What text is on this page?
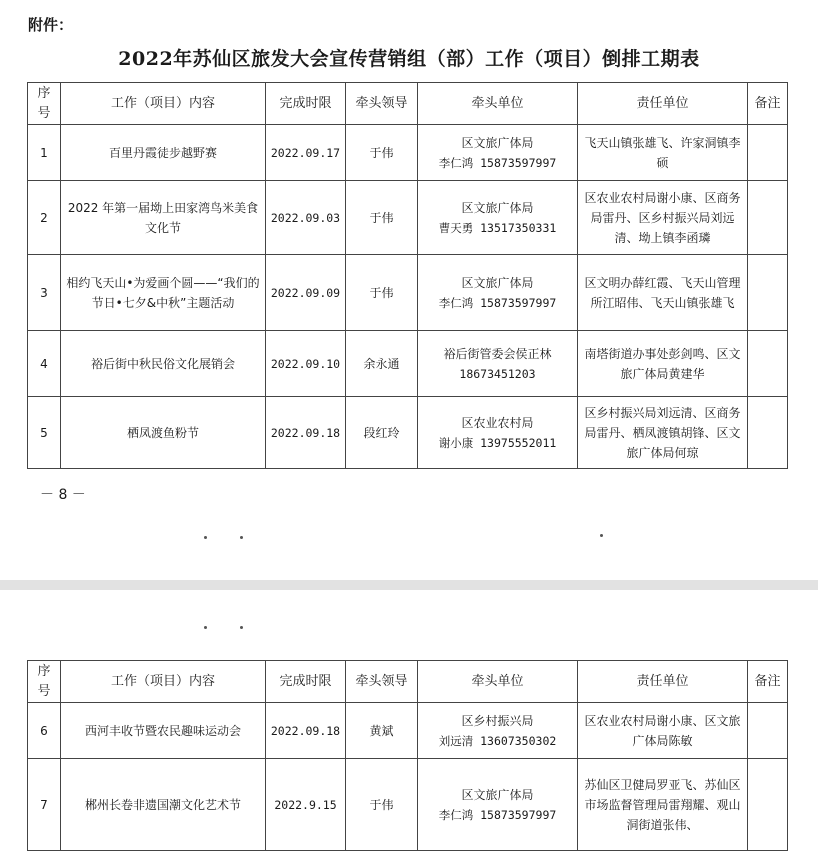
附件：
2022年苏仙区旅发大会宣传营销组（部）工作（项目）倒排工期表
序号	工作（项目）内容	完成时限	牵头领导	牵头单位	责任单位	备注
1	百里丹霞徒步越野赛	2022.09.17	于伟	区文旅广体局
李仁鸿 15873597997	飞天山镇张雄飞、许家洞镇李硕	
2	2022 年第一届坳上田家湾鸟米美食文化节	2022.09.03	于伟	区文旅广体局
曹天勇 13517350331	区农业农村局谢小康、区商务局雷丹、区乡村振兴局刘远清、坳上镇李函璘	
3	相约飞天山•为爱画个圆——“我们的节日•七夕&中秋”主题活动	2022.09.09	于伟	区文旅广体局
李仁鸿 15873597997	区文明办薛红霞、飞天山管理所江昭伟、飞天山镇张雄飞	
4	裕后街中秋民俗文化展销会	2022.09.10	余永通	裕后街管委会侯正林
18673451203	南塔街道办事处彭剑鸣、区文旅广体局黄建华	
5	栖凤渡鱼粉节	2022.09.18	段红玲	区农业农村局
谢小康 13975552011	区乡村振兴局刘远清、区商务局雷丹、栖凤渡镇胡锋、区文旅广体局何琼	
－ 8 －
序号	工作（项目）内容	完成时限	牵头领导	牵头单位	责任单位	备注
6	西河丰收节暨农民趣味运动会	2022.09.18	黄斌	区乡村振兴局
刘远清 13607350302	区农业农村局谢小康、区文旅广体局陈敏	
7	郴州长卷非遗国潮文化艺术节	2022.9.15	于伟	区文旅广体局
李仁鸿 15873597997	苏仙区卫健局罗亚飞、苏仙区市场监督管理局雷翔耀、观山洞街道张伟、	
